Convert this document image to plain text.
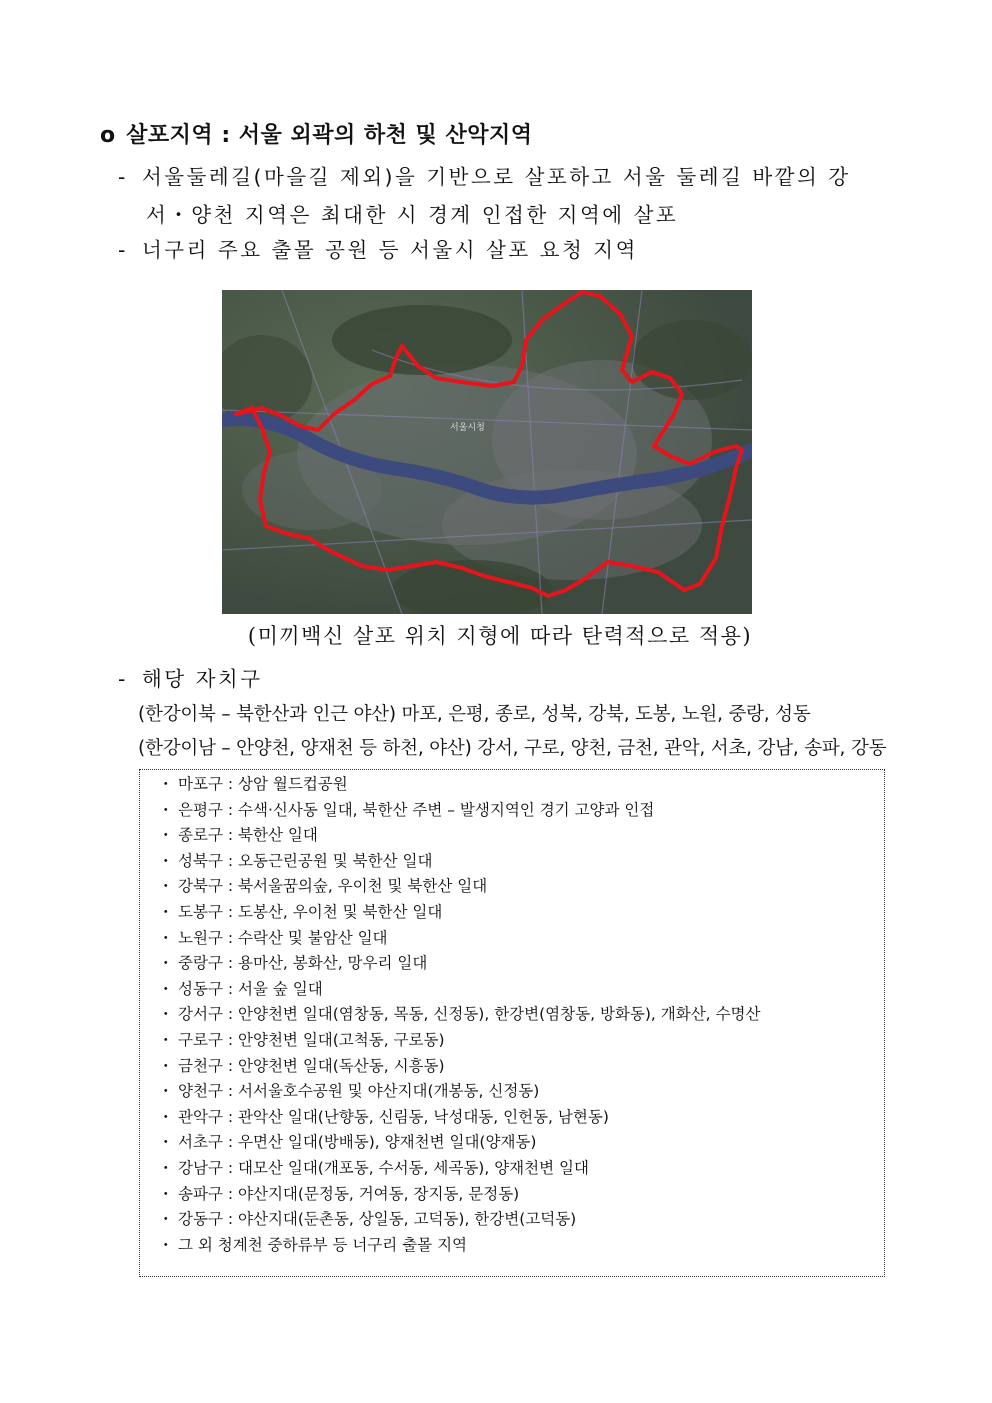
o 살포지역 : 서울 외곽의 하천 및 산악지역
- 서울둘레길(마을길 제외)을 기반으로 살포하고 서울 둘레길 바깥의 강
서・양천 지역은 최대한 시 경계 인접한 지역에 살포
- 너구리 주요 출몰 공원 등 서울시 살포 요청 지역
서울시청
(미끼백신 살포 위치 지형에 따라 탄력적으로 적용)
- 해당 자치구
(한강이북 – 북한산과 인근 야산) 마포, 은평, 종로, 성북, 강북, 도봉, 노원, 중랑, 성동
(한강이남 – 안양천, 양재천 등 하천, 야산) 강서, 구로, 양천, 금천, 관악, 서초, 강남, 송파, 강동
・ 마포구 : 상암 월드컵공원
・ 은평구 : 수색·신사동 일대, 북한산 주변 – 발생지역인 경기 고양과 인접
・ 종로구 : 북한산 일대
・ 성북구 : 오동근린공원 및 북한산 일대
・ 강북구 : 북서울꿈의숲, 우이천 및 북한산 일대
・ 도봉구 : 도봉산, 우이천 및 북한산 일대
・ 노원구 : 수락산 및 불암산 일대
・ 중랑구 : 용마산, 봉화산, 망우리 일대
・ 성동구 : 서울 숲 일대
・ 강서구 : 안양천변 일대(염창동, 목동, 신정동), 한강변(염창동, 방화동), 개화산, 수명산
・ 구로구 : 안양천변 일대(고척동, 구로동)
・ 금천구 : 안양천변 일대(독산동, 시흥동)
・ 양천구 : 서서울호수공원 및 야산지대(개봉동, 신정동)
・ 관악구 : 관악산 일대(난향동, 신림동, 낙성대동, 인헌동, 남현동)
・ 서초구 : 우면산 일대(방배동), 양재천변 일대(양재동)
・ 강남구 : 대모산 일대(개포동, 수서동, 세곡동), 양재천변 일대
・ 송파구 : 야산지대(문정동, 거여동, 장지동, 문정동)
・ 강동구 : 야산지대(둔촌동, 상일동, 고덕동), 한강변(고덕동)
・ 그 외 청계천 중하류부 등 너구리 출몰 지역
